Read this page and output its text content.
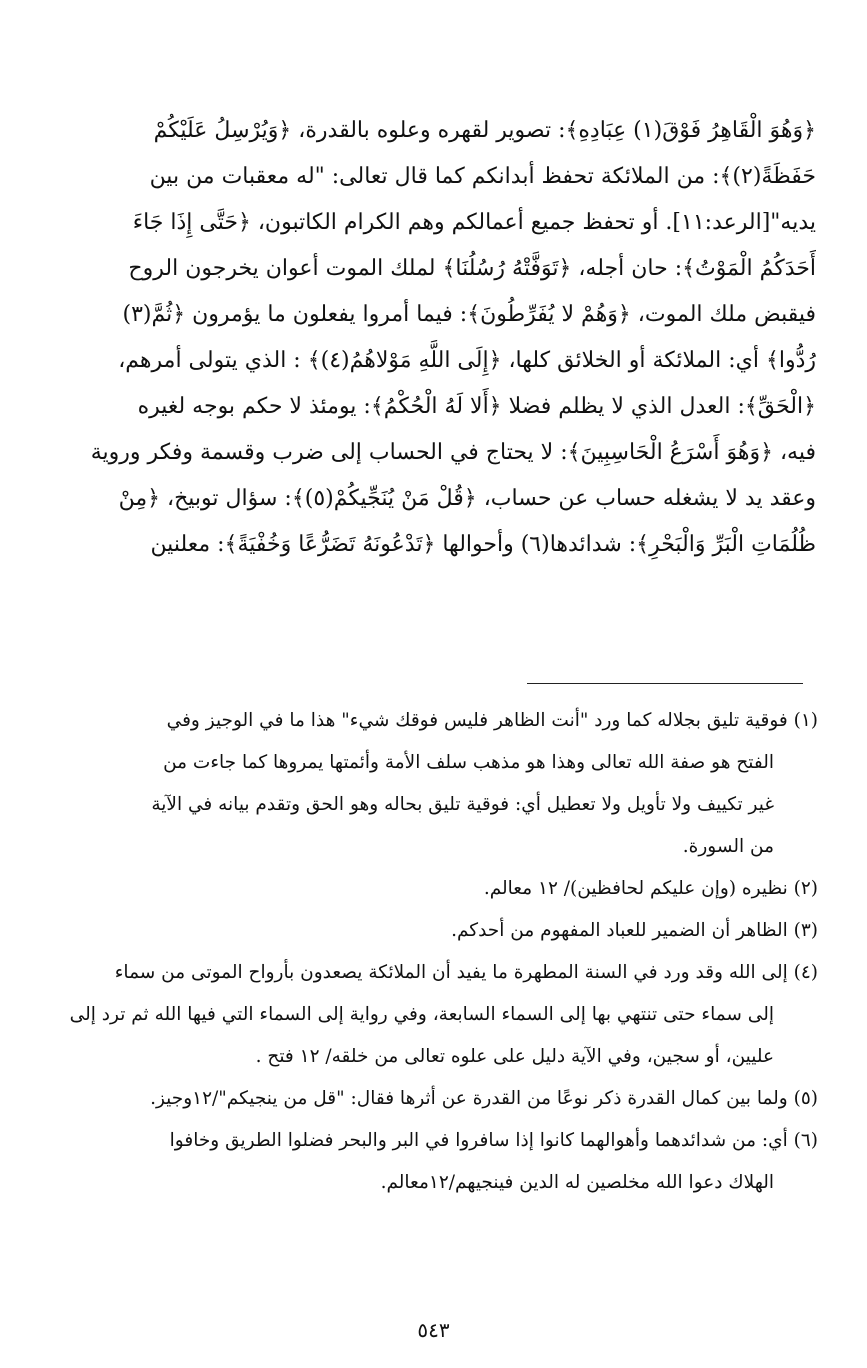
﴿وَهُوَ الْقَاهِرُ فَوْقَ(١) عِبَادِهِ﴾: تصوير لقهره وعلوه بالقدرة، ﴿وَيُرْسِلُ عَلَيْكُمْ
حَفَظَةً(٢)﴾: من الملائكة تحفظ أبدانكم كما قال تعالى: "له معقبات من بين
يديه"[الرعد:١١]. أو تحفظ جميع أعمالكم وهم الكرام الكاتبون، ﴿حَتَّى إِذَا جَاءَ
أَحَدَكُمُ الْمَوْتُ﴾: حان أجله، ﴿تَوَفَّتْهُ رُسُلُنَا﴾ لملك الموت أعوان يخرجون الروح
فيقبض ملك الموت، ﴿وَهُمْ لا يُفَرِّطُونَ﴾: فيما أمروا يفعلون ما يؤمرون ﴿ثُمَّ(٣)
رُدُّوا﴾ أي: الملائكة أو الخلائق كلها، ﴿إِلَى اللَّهِ مَوْلاهُمُ(٤)﴾ : الذي يتولى أمرهم،
﴿الْحَقِّ﴾: العدل الذي لا يظلم فضلا ﴿أَلا لَهُ الْحُكْمُ﴾: يومئذ لا حكم بوجه لغيره
فيه، ﴿وَهُوَ أَسْرَعُ الْحَاسِبِينَ﴾: لا يحتاج في الحساب إلى ضرب وقسمة وفكر وروية
وعقد يد لا يشغله حساب عن حساب، ﴿قُلْ مَنْ يُنَجِّيكُمْ(٥)﴾: سؤال توبيخ، ﴿مِنْ
ظُلُمَاتِ الْبَرِّ وَالْبَحْرِ﴾: شدائدها(٦) وأحوالها ﴿تَدْعُونَهُ تَضَرُّعًا وَخُفْيَةً﴾: معلنين
(١) فوقية تليق بجلاله كما ورد "أنت الظاهر فليس فوقك شيء" هذا ما في الوجيز وفي
الفتح هو صفة الله تعالى وهذا هو مذهب سلف الأمة وأئمتها يمروها كما جاءت من
غير تكييف ولا تأويل ولا تعطيل أي: فوقية تليق بحاله وهو الحق وتقدم بيانه في الآية
من السورة.
(٢) نظيره (وإن عليكم لحافظين)/ ١٢ معالم.
(٣) الظاهر أن الضمير للعباد المفهوم من أحدكم.
(٤) إلى الله وقد ورد في السنة المطهرة ما يفيد أن الملائكة يصعدون بأرواح الموتى من سماء
إلى سماء حتى تنتهي بها إلى السماء السابعة، وفي رواية إلى السماء التي فيها الله ثم ترد إلى
عليين، أو سجين، وفي الآية دليل على علوه تعالى من خلقه/ ١٢ فتح .
(٥) ولما بين كمال القدرة ذكر نوعًا من القدرة عن أثرها فقال: "قل من ينجيكم"/١٢وجيز.
(٦) أي: من شدائدهما وأهوالهما كانوا إذا سافروا في البر والبحر فضلوا الطريق وخافوا
الهلاك دعوا الله مخلصين له الدين فينجيهم/١٢معالم.
٥٤٣
